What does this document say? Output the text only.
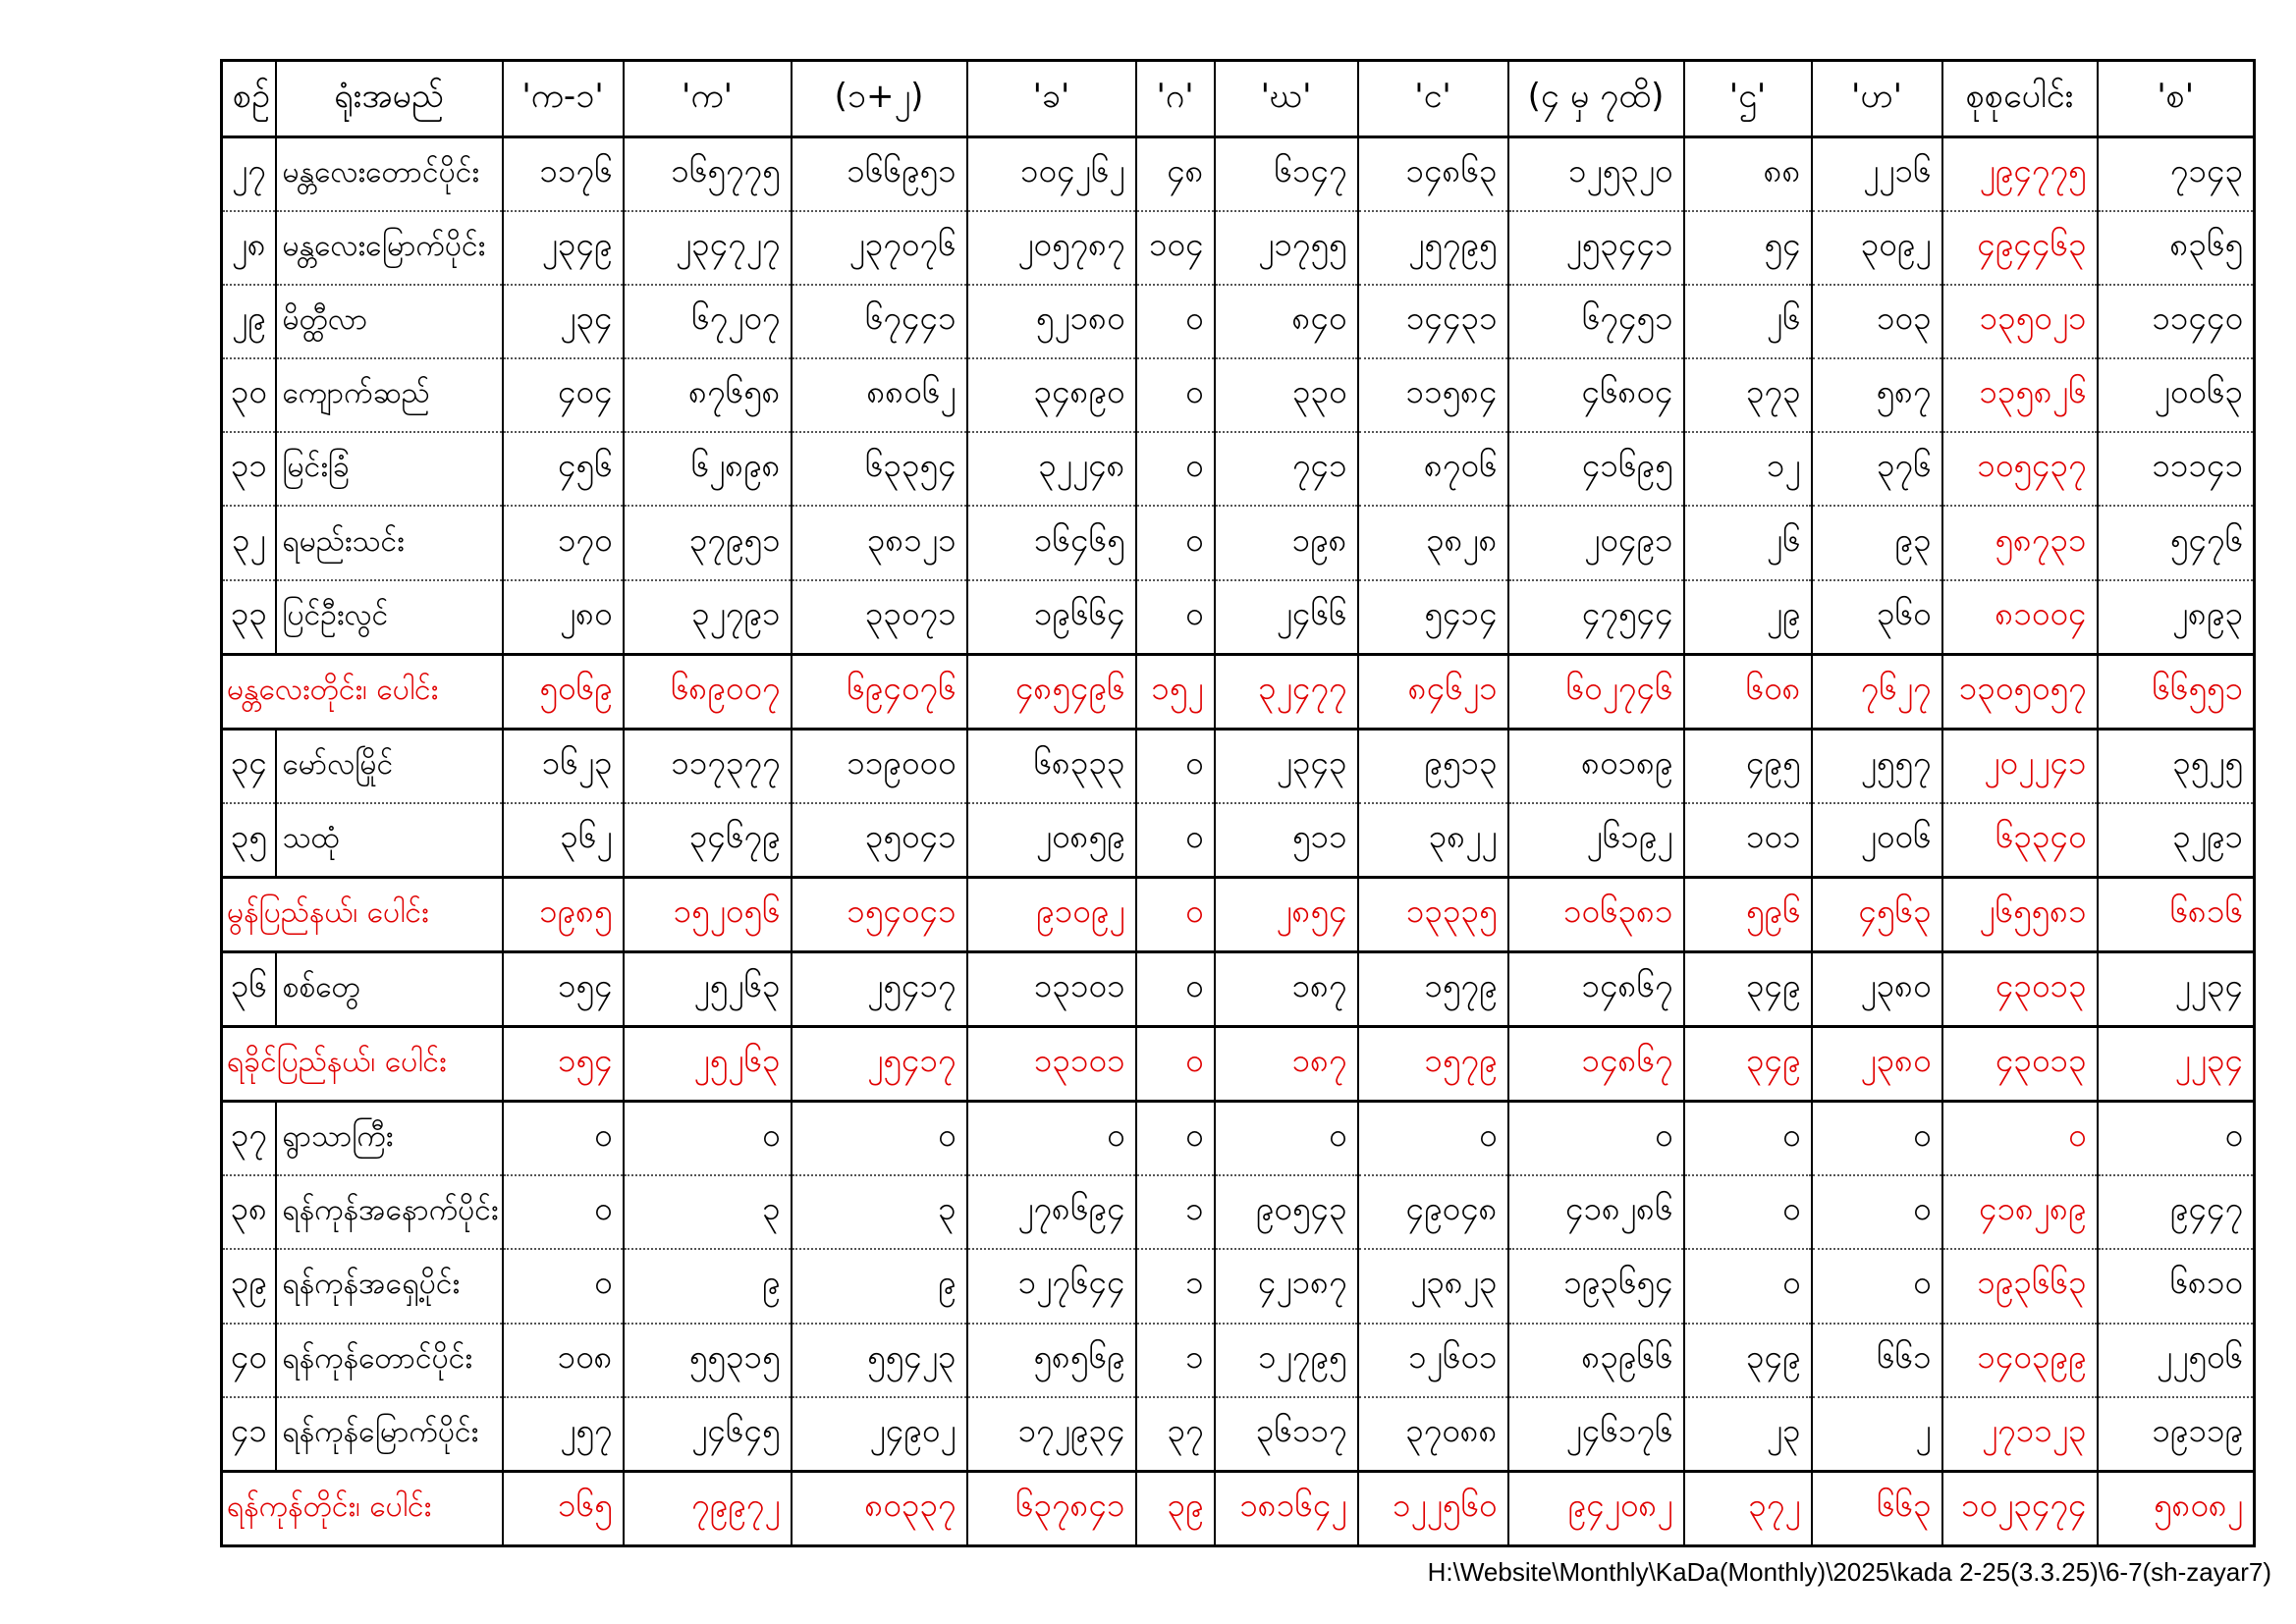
စဉ်	ရုံးအမည်	'က-၁'	'က'	(၁+၂)	'ခ'	'ဂ'	'ဃ'	'င'	(၄ မှ ၇ထိ)	'ဌ'	'ဟ'	စုစုပေါင်း	'စ'
၂၇	မန္တလေးတောင်ပိုင်း	၁၁၇၆	၁၆၅၇၇၅	၁၆၆၉၅၁	၁၀၄၂၆၂	၄၈	၆၁၄၇	၁၄၈၆၃	၁၂၅၃၂၀	၈၈	၂၂၁၆	၂၉၄၇၇၅	၇၁၄၃
၂၈	မန္တလေးမြောက်ပိုင်း	၂၃၄၉	၂၃၄၇၂၇	၂၃၇၀၇၆	၂၀၅၇၈၇	၁၀၄	၂၁၇၅၅	၂၅၇၉၅	၂၅၃၄၄၁	၅၄	၃၀၉၂	၄၉၄၄၆၃	၈၃၆၅
၂၉	မိတ္ထီလာ	၂၃၄	၆၇၂၀၇	၆၇၄၄၁	၅၂၁၈၀	၀	၈၄၀	၁၄၄၃၁	၆၇၄၅၁	၂၆	၁၀၃	၁၃၅၀၂၁	၁၁၄၄၀
၃၀	ကျောက်ဆည်	၄၀၄	၈၇၆၅၈	၈၈၀၆၂	၃၄၈၉၀	၀	၃၃၀	၁၁၅၈၄	၄၆၈၀၄	၃၇၃	၅၈၇	၁၃၅၈၂၆	၂၀၀၆၃
၃၁	မြင်းခြံ	၄၅၆	၆၂၈၉၈	၆၃၃၅၄	၃၂၂၄၈	၀	၇၄၁	၈၇၀၆	၄၁၆၉၅	၁၂	၃၇၆	၁၀၅၄၃၇	၁၁၁၄၁
၃၂	ရမည်းသင်း	၁၇၀	၃၇၉၅၁	၃၈၁၂၁	၁၆၄၆၅	၀	၁၉၈	၃၈၂၈	၂၀၄၉၁	၂၆	၉၃	၅၈၇၃၁	၅၄၇၆
၃၃	ပြင်ဦးလွင်	၂၈၀	၃၂၇၉၁	၃၃၀၇၁	၁၉၆၆၄	၀	၂၄၆၆	၅၄၁၄	၄၇၅၄၄	၂၉	၃၆၀	၈၁၀၀၄	၂၈၉၃
မန္တလေးတိုင်း၊ ပေါင်း		၅၀၆၉	၆၈၉၀၀၇	၆၉၄၀၇၆	၄၈၅၄၉၆	၁၅၂	၃၂၄၇၇	၈၄၆၂၁	၆၀၂၇၄၆	၆၀၈	၇၆၂၇	၁၃၀၅၀၅၇	၆၆၅၅၁
၃၄	မော်လမြိုင်	၁၆၂၃	၁၁၇၃၇၇	၁၁၉၀၀၀	၆၈၃၃၃	၀	၂၃၄၃	၉၅၁၃	၈၀၁၈၉	၄၉၅	၂၅၅၇	၂၀၂၂၄၁	၃၅၂၅
၃၅	သထုံ	၃၆၂	၃၄၆၇၉	၃၅၀၄၁	၂၀၈၅၉	၀	၅၁၁	၃၈၂၂	၂၆၁၉၂	၁၀၁	၂၀၀၆	၆၃၃၄၀	၃၂၉၁
မွန်ပြည်နယ်၊ ပေါင်း		၁၉၈၅	၁၅၂၀၅၆	၁၅၄၀၄၁	၉၁၀၉၂	၀	၂၈၅၄	၁၃၃၃၅	၁၀၆၃၈၁	၅၉၆	၄၅၆၃	၂၆၅၅၈၁	၆၈၁၆
၃၆	စစ်တွေ	၁၅၄	၂၅၂၆၃	၂၅၄၁၇	၁၃၁၀၁	၀	၁၈၇	၁၅၇၉	၁၄၈၆၇	၃၄၉	၂၃၈၀	၄၃၀၁၃	၂၂၃၄
ရခိုင်ပြည်နယ်၊ ပေါင်း		၁၅၄	၂၅၂၆၃	၂၅၄၁၇	၁၃၁၀၁	၀	၁၈၇	၁၅၇၉	၁၄၈၆၇	၃၄၉	၂၃၈၀	၄၃၀၁၃	၂၂၃၄
၃၇	ရွာသာကြီး	၀	၀	၀	၀	၀	၀	၀	၀	၀	၀	၀	၀
၃၈	ရန်ကုန်အနောက်ပိုင်း	၀	၃	၃	၂၇၈၆၉၄	၁	၉၀၅၄၃	၄၉၀၄၈	၄၁၈၂၈၆	၀	၀	၄၁၈၂၈၉	၉၄၄၇
၃၉	ရန်ကုန်အရှေ့ပိုင်း	၀	၉	၉	၁၂၇၆၄၄	၁	၄၂၁၈၇	၂၃၈၂၃	၁၉၃၆၅၄	၀	၀	၁၉၃၆၆၃	၆၈၁၀
၄၀	ရန်ကုန်တောင်ပိုင်း	၁၀၈	၅၅၃၁၅	၅၅၄၂၃	၅၈၅၆၉	၁	၁၂၇၉၅	၁၂၆၀၁	၈၃၉၆၆	၃၄၉	၆၆၁	၁၄၀၃၉၉	၂၂၅၀၆
၄၁	ရန်ကုန်မြောက်ပိုင်း	၂၅၇	၂၄၆၄၅	၂၄၉၀၂	၁၇၂၉၃၄	၃၇	၃၆၁၁၇	၃၇၀၈၈	၂၄၆၁၇၆	၂၃	၂	၂၇၁၁၂၃	၁၉၁၁၉
ရန်ကုန်တိုင်း၊ ပေါင်း		၁၆၅	၇၉၉၇၂	၈၀၃၃၇	၆၃၇၈၄၁	၃၉	၁၈၁၆၄၂	၁၂၂၅၆၀	၉၄၂၀၈၂	၃၇၂	၆၆၃	၁၀၂၃၄၇၄	၅၈၀၈၂
H:\Website\Monthly\KaDa(Monthly)\2025\kada 2-25(3.3.25)\6-7(sh-zayar7)
